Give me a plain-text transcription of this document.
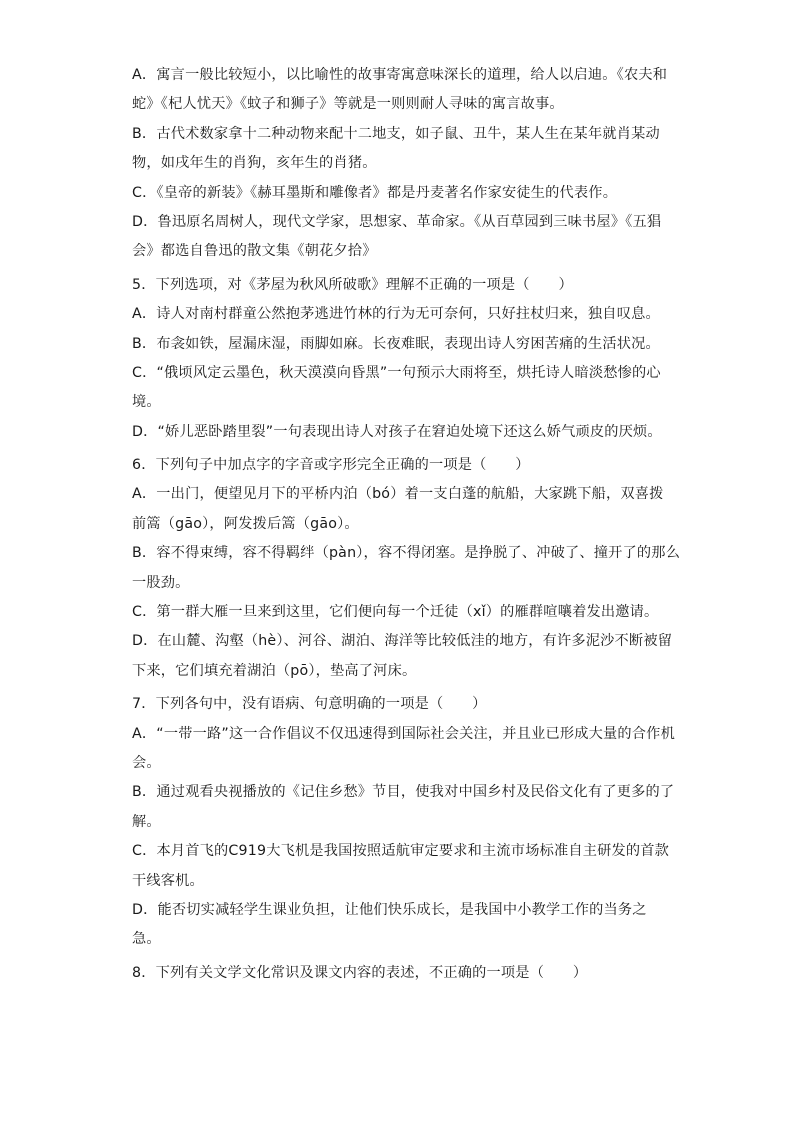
A．寓言一般比较短小，以比喻性的故事寄寓意味深长的道理，给人以启迪。《农夫和
蛇》《杞人忧天》《蚊子和狮子》等就是一则则耐人寻味的寓言故事。
B．古代术数家拿十二种动物来配十二地支，如子鼠、丑牛，某人生在某年就肖某动
物，如戌年生的肖狗，亥年生的肖猪。
C．《皇帝的新装》《赫耳墨斯和雕像者》都是丹麦著名作家安徒生的代表作。
D．鲁迅原名周树人，现代文学家，思想家、革命家。《从百草园到三味书屋》《五猖
会》都选自鲁迅的散文集《朝花夕拾》
5．下列选项，对《茅屋为秋风所破歌》理解不正确的一项是（　　）
A．诗人对南村群童公然抱茅逃进竹林的行为无可奈何，只好拄杖归来，独自叹息。
B．布衾如铁，屋漏床湿，雨脚如麻。长夜难眠，表现出诗人穷困苦痛的生活状况。
C．“俄顷风定云墨色，秋天漠漠向昏黑”一句预示大雨将至，烘托诗人暗淡愁惨的心
境。
D．“娇儿恶卧踏里裂”一句表现出诗人对孩子在窘迫处境下还这么娇气顽皮的厌烦。
6．下列句子中加点字的字音或字形完全正确的一项是（　　）
A．一出门，便望见月下的平桥内泊（bó）着一支白蓬的航船，大家跳下船，双喜拨
前篙（gāo），阿发拨后篙（gāo）。
B．容不得束缚，容不得羁绊（pàn），容不得闭塞。是挣脱了、冲破了、撞开了的那么
一股劲。
C．第一群大雁一旦来到这里，它们便向每一个迁徒（xǐ）的雁群喧嚷着发出邀请。
D．在山麓、沟壑（hè）、河谷、湖泊、海洋等比较低洼的地方，有许多泥沙不断被留
下来，它们填充着湖泊（pō），垫高了河床。
7．下列各句中，没有语病、句意明确的一项是（　　）
A．“一带一路”这一合作倡议不仅迅速得到国际社会关注，并且业已形成大量的合作机
会。
B．通过观看央视播放的《记住乡愁》节目，使我对中国乡村及民俗文化有了更多的了
解。
C．本月首飞的C919大飞机是我国按照适航审定要求和主流市场标准自主研发的首款
干线客机。
D．能否切实减轻学生课业负担，让他们快乐成长，是我国中小教学工作的当务之
急。
8．下列有关文学文化常识及课文内容的表述，不正确的一项是（　　）
